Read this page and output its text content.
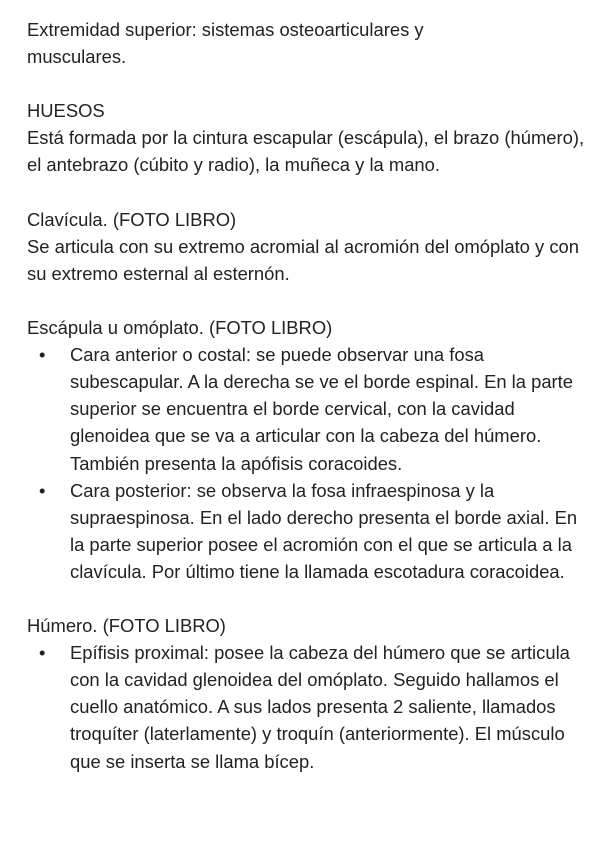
Extremidad superior: sistemas osteoarticulares y
musculares.
HUESOS
Está formada por la cintura escapular (escápula), el brazo (húmero), el antebrazo (cúbito y radio), la muñeca y la mano.
Clavícula. (FOTO LIBRO)
Se articula con su extremo acromial al acromión del omóplato y con su extremo esternal al esternón.
Escápula u omóplato. (FOTO LIBRO)
• Cara anterior o costal: se puede observar una fosa subescapular. A la derecha se ve el borde espinal. En la parte superior se encuentra el borde cervical, con la cavidad glenoidea que se va a articular con la cabeza del húmero. También presenta la apófisis coracoides.
• Cara posterior: se observa la fosa infraespinosa y la supraespinosa. En el lado derecho presenta el borde axial. En la parte superior posee el acromión con el que se articula a la clavícula. Por último tiene la llamada escotadura coracoidea.
Húmero. (FOTO LIBRO)
• Epífisis proximal: posee la cabeza del húmero que se articula con la cavidad glenoidea del omóplato. Seguido hallamos el cuello anatómico. A sus lados presenta 2 saliente, llamados troquíter (laterlamente) y troquín (anteriormente). El músculo que se inserta se llama bícep.
